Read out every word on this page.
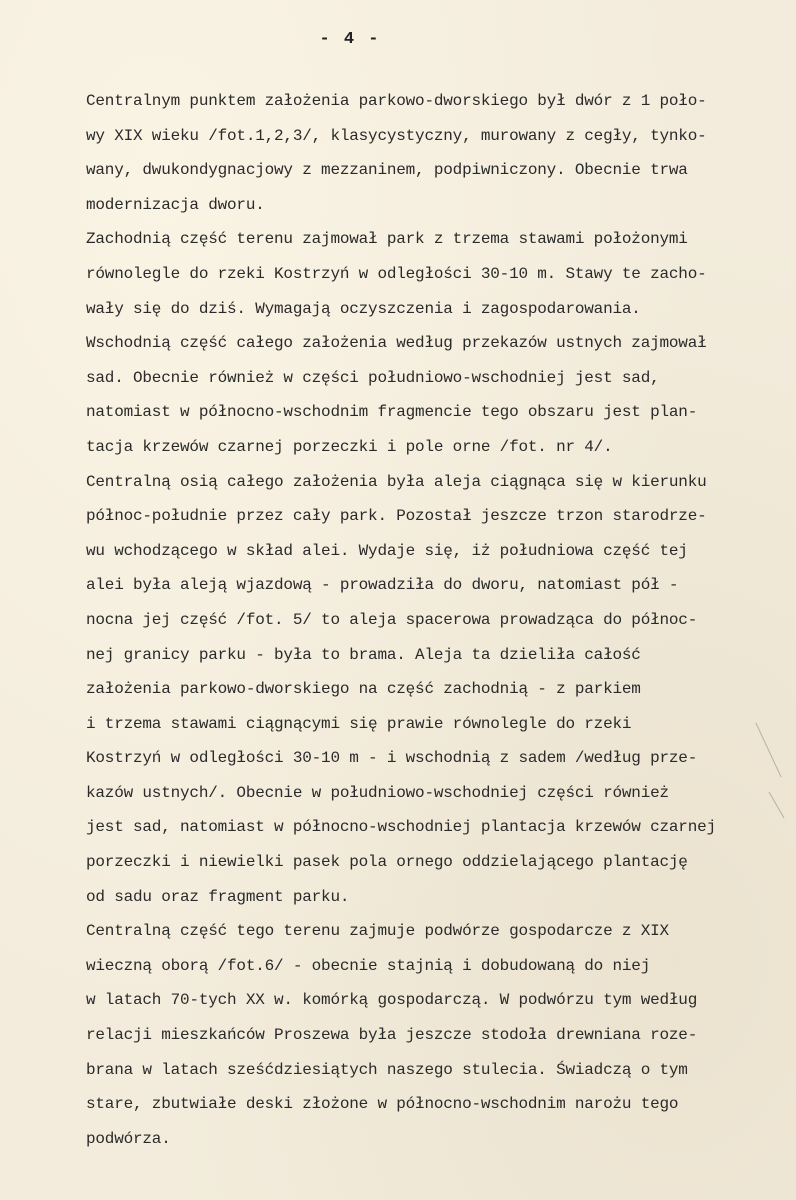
- 4 -
Centralnym punktem założenia parkowo-dworskiego był dwór z 1 poło-
wy XIX wieku /fot.1,2,3/, klasycystyczny, murowany z cegły, tynko-
wany, dwukondygnacjowy z mezzaninem, podpiwniczony. Obecnie trwa
modernizacja dworu.
Zachodnią część terenu zajmował park z trzema stawami położonymi
równolegle do rzeki Kostrzyń w odległości 30-10 m. Stawy te zacho-
wały się do dziś. Wymagają oczyszczenia i zagospodarowania.
Wschodnią część całego założenia według przekazów ustnych zajmował
sad. Obecnie również w części południowo-wschodniej jest sad,
natomiast w północno-wschodnim fragmencie tego obszaru jest plan-
tacja krzewów czarnej porzeczki i pole orne /fot. nr 4/.
Centralną osią całego założenia była aleja ciągnąca się w kierunku
północ-południe przez cały park. Pozostał jeszcze trzon starodrze-
wu wchodzącego w skład alei. Wydaje się, iż południowa część tej
alei była aleją wjazdową - prowadziła do dworu, natomiast pół -
nocna jej część /fot. 5/ to aleja spacerowa prowadząca do północ-
nej granicy parku - była to brama. Aleja ta dzieliła całość
założenia parkowo-dworskiego na część zachodnią - z parkiem
i trzema stawami ciągnącymi się prawie równolegle do rzeki
Kostrzyń w odległości 30-10 m - i wschodnią z sadem /według prze-
kazów ustnych/. Obecnie w południowo-wschodniej części również
jest sad, natomiast w północno-wschodniej plantacja krzewów czarnej
porzeczki i niewielki pasek pola ornego oddzielającego plantację
od sadu oraz fragment parku.
Centralną część tego terenu zajmuje podwórze gospodarcze z XIX
wieczną oborą /fot.6/ - obecnie stajnią i dobudowaną do niej
w latach 70-tych XX w. komórką gospodarczą. W podwórzu tym według
relacji mieszkańców Proszewa była jeszcze stodoła drewniana roze-
brana w latach sześćdziesiątych naszego stulecia. Świadczą o tym
stare, zbutwiałe deski złożone w północno-wschodnim narożu tego
podwórza.
